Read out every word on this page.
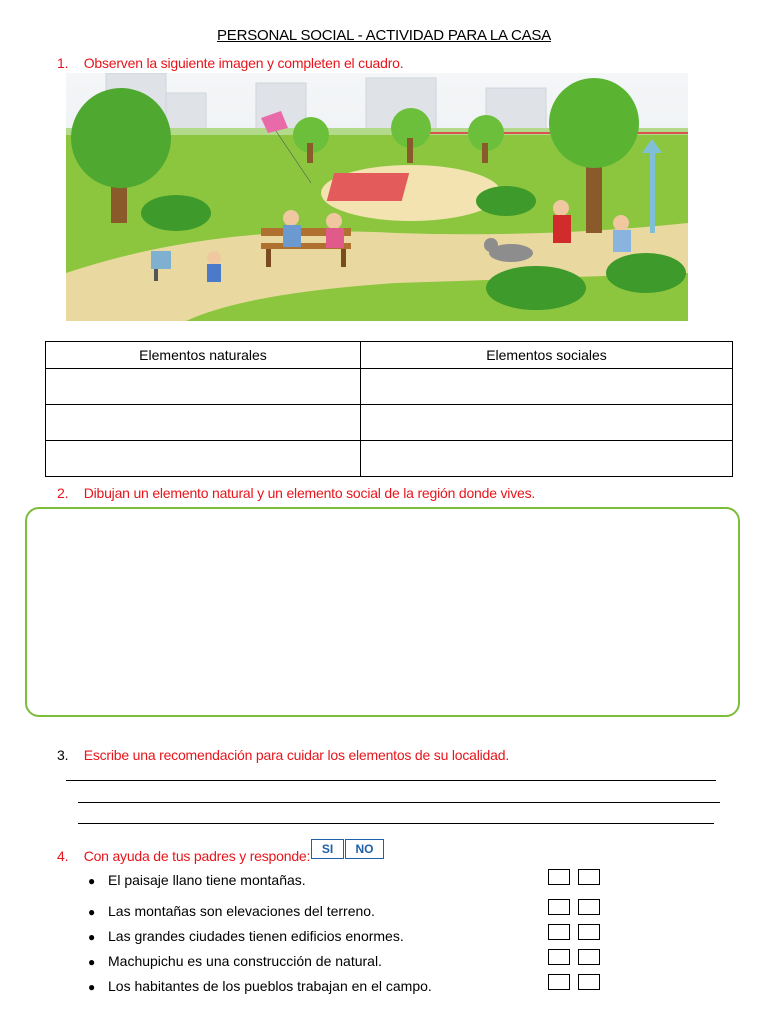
PERSONAL SOCIAL - ACTIVIDAD PARA LA CASA
1. Observen la siguiente imagen y completen el cuadro.
Elementos naturales	Elementos sociales

2. Dibujan un elemento natural y un elemento social de la región donde vives.
3. Escribe una recomendación para cuidar los elementos de su localidad.
4. Con ayuda de tus padres y responde: SI	NO
● El paisaje llano tiene montañas.
● Las montañas son elevaciones del terreno.
● Las grandes ciudades tienen edificios enormes.
● Machupichu es una construcción de natural.
● Los habitantes de los pueblos trabajan en el campo.
